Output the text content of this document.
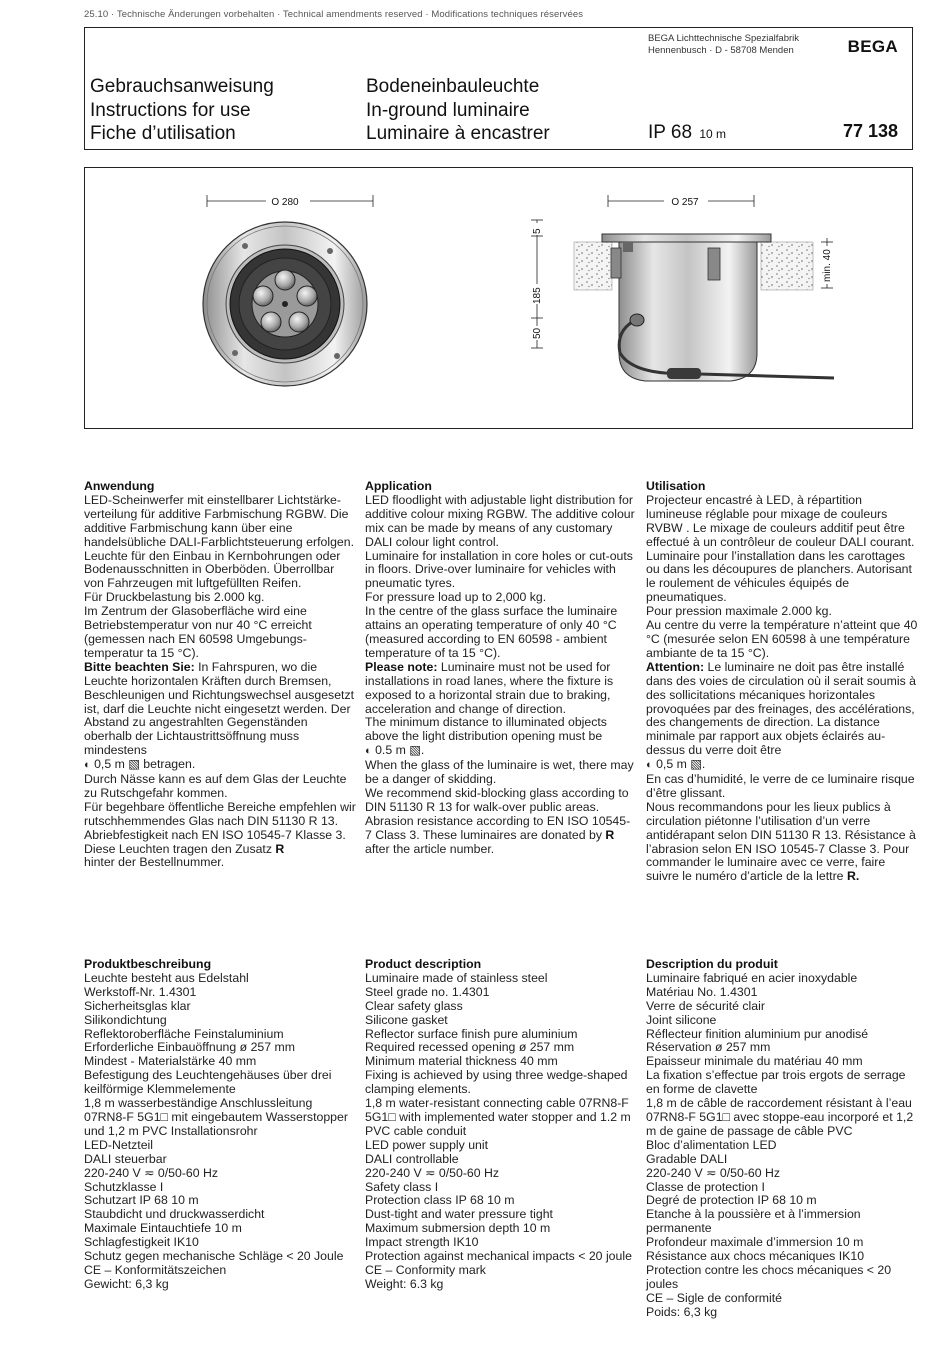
25.10 · Technische Änderungen vorbehalten · Technical amendments reserved · Modifications techniques réservées
Gebrauchsanweisung
Instructions for use
Fiche d’utilisation
Bodeneinbauleuchte
In-ground luminaire
Luminaire à encastrer
BEGA Lichttechnische Spezialfabrik
Hennenbusch · D - 58708 Menden	BEGA
IP 68 10 m	77 138
O 280	O 257
5
185
50
min. 40

Anwendung

LED-Scheinwerfer mit einstellbarer Lichtstärke-verteilung für additive Farbmischung RGBW. Die additive Farbmischung kann über eine handelsübliche DALI-Farblichtsteuerung erfolgen.

Leuchte für den Einbau in Kernbohrungen oder Bodenausschnitten in Oberböden. Überrollbar von Fahrzeugen mit luftgefüllten Reifen.

Für Druckbelastung bis 2.000 kg.

Im Zentrum der Glasoberfläche wird eine Betriebstemperatur von nur 40 °C erreicht (gemessen nach EN 60598 Umgebungs-temperatur ta 15 °C).

Bitte beachten Sie: In Fahrspuren, wo die Leuchte horizontalen Kräften durch Bremsen, Beschleunigen und Richtungswechsel ausgesetzt ist, darf die Leuchte nicht eingesetzt werden. Der Abstand zu angestrahlten Gegenständen oberhalb der Lichtaustrittsöffnung muss mindestens

◐ 0,5 m ▧ betragen.

Durch Nässe kann es auf dem Glas der Leuchte zu Rutschgefahr kommen.

Für begehbare öffentliche Bereiche empfehlen wir rutschhemmendes Glas nach DIN 51130 R 13. Abriebfestigkeit nach EN ISO 10545-7 Klasse 3. Diese Leuchten tragen den Zusatz R

hinter der Bestellnummer.

Application

LED floodlight with adjustable light distribution for additive colour mixing RGBW. The additive colour mix can be made by means of any customary DALI colour light control.

Luminaire for installation in core holes or cut-outs in floors. Drive-over luminaire for vehicles with pneumatic tyres.

For pressure load up to 2,000 kg.

In the centre of the glass surface the luminaire attains an operating temperature of only 40 °C (measured according to EN 60598 - ambient temperature of ta 15 °C).

Please note: Luminaire must not be used for installations in road lanes, where the fixture is exposed to a horizontal strain due to braking, acceleration and change of direction.

The minimum distance to illuminated objects above the light distribution opening must be

◐ 0.5 m ▧.

When the glass of the luminaire is wet, there may be a danger of skidding.

We recommend skid-blocking glass according to DIN 51130 R 13 for walk-over public areas. Abrasion resistance according to EN ISO 10545-7 Class 3. These luminaires are donated by R after the article number.

Utilisation

Projecteur encastré à LED, à répartition lumineuse réglable pour mixage de couleurs RVBW . Le mixage de couleurs additif peut être effectué à un contrôleur de couleur DALI courant.

Luminaire pour l’installation dans les carottages ou dans les découpures de planchers. Autorisant le roulement de véhicules équipés de pneumatiques.

Pour pression maximale 2.000 kg.

Au centre du verre la température n’atteint que 40 °C (mesurée selon EN 60598 à une température ambiante de ta 15 °C).

Attention: Le luminaire ne doit pas être installé dans des voies de circulation où il serait soumis à des sollicitations mécaniques horizontales provoquées par des freinages, des accélérations, des changements de direction. La distance minimale par rapport aux objets éclairés au-dessus du verre doit être

◐ 0,5 m ▧.

En cas d’humidité, le verre de ce luminaire risque d’être glissant.

Nous recommandons pour les lieux publics à circulation piétonne l’utilisation d’un verre antidérapant selon DIN 51130 R 13. Résistance à l’abrasion selon EN ISO 10545-7 Classe 3. Pour commander le luminaire avec ce verre, faire suivre le numéro d’article de la lettre R.

Produktbeschreibung

Leuchte besteht aus Edelstahl

Werkstoff-Nr. 1.4301

Sicherheitsglas klar

Silikondichtung

Reflektoroberfläche Feinstaluminium

Erforderliche Einbauöffnung ø 257 mm

Mindest - Materialstärke 40 mm

Befestigung des Leuchtengehäuses über drei keilförmige Klemmelemente

1,8 m wasserbeständige Anschlussleitung 07RN8-F 5G1□ mit eingebautem Wasserstopper und 1,2 m PVC Installationsrohr

LED-Netzteil

DALI steuerbar

220-240 V ≂ 0/50-60 Hz

Schutzklasse I

Schutzart IP 68 10 m

Staubdicht und druckwasserdicht

Maximale Eintauchtiefe 10 m

Schlagfestigkeit IK10

Schutz gegen mechanische Schläge < 20 Joule

CE – Konformitätszeichen

Gewicht: 6,3 kg

Product description

Luminaire made of stainless steel

Steel grade no. 1.4301

Clear safety glass

Silicone gasket

Reflector surface finish pure aluminium

Required recessed opening ø 257 mm

Minimum material thickness 40 mm

Fixing is achieved by using three wedge-shaped clamping elements.

1,8 m water-resistant connecting cable 07RN8-F 5G1□ with implemented water stopper and 1.2 m PVC cable conduit

LED power supply unit

DALI controllable

220-240 V ≂ 0/50-60 Hz

Safety class I

Protection class IP 68 10 m

Dust-tight and water pressure tight

Maximum submersion depth 10 m

Impact strength IK10

Protection against mechanical impacts < 20 joule

CE – Conformity mark

Weight: 6.3 kg

Description du produit

Luminaire fabriqué en acier inoxydable

Matériau No. 1.4301

Verre de sécurité clair

Joint silicone

Réflecteur finition aluminium pur anodisé

Réservation ø 257 mm

Epaisseur minimale du matériau 40 mm

La fixation s’effectue par trois ergots de serrage en forme de clavette

1,8 m de câble de raccordement résistant à l’eau 07RN8-F 5G1□ avec stoppe-eau incorporé et 1,2 m de gaine de passage de câble PVC

Bloc d’alimentation LED

Gradable DALI

220-240 V ≂ 0/50-60 Hz

Classe de protection I

Degré de protection IP 68 10 m

Etanche à la poussière et à l’immersion permanente

Profondeur maximale d’immersion 10 m

Résistance aux chocs mécaniques IK10

Protection contre les chocs mécaniques < 20 joules

CE – Sigle de conformité

Poids: 6,3 kg
